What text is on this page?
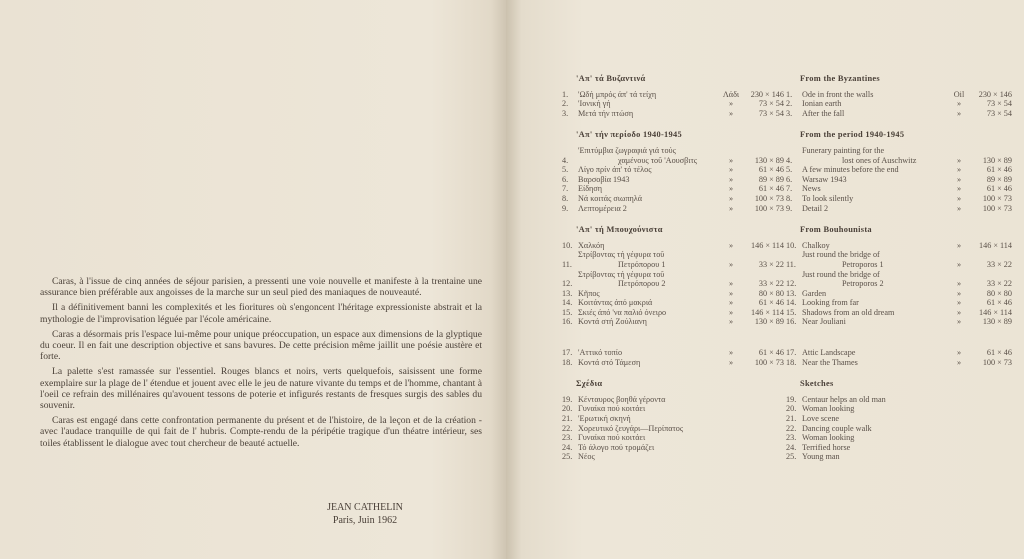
Caras, à l'issue de cinq années de séjour parisien, a pressenti une voie nouvelle et manifeste à la trentaine une assurance bien préférable aux angoisses de la marche sur un seul pied des maniaques de nouveauté.

Il a définitivement banni les complexités et les fioritures où s'engoncent l'héritage expressioniste abstrait et la mythologie de l'improvisation léguée par l'école américaine.

Caras a désormais pris l'espace lui-même pour unique préoccupation, un espace aux dimensions de la glyptique du coeur. Il en fait une description objective et sans bavures. De cette précision même jaillit une poésie austère et forte.

La palette s'est ramassée sur l'essentiel. Rouges blancs et noirs, verts quelquefois, saisissent une forme exemplaire sur la plage de l' étendue et jouent avec elle le jeu de nature vivante du temps et de l'homme, chantant à l'oeil ce refrain des millénaires qu'avouent tessons de poterie et infigurés restants de fresques surgis des sables du souvenir.

Caras est engagé dans cette confrontation permanente du présent et de l'histoire, de la leçon et de la création - avec l'audace tranquille de qui fait de l' hubris. Compte-rendu de la péripétie tragique d'un théatre intérieur, ses toiles établissent le dialogue avec tout chercheur de beauté actuelle.

JEAN CATHELIN
Paris, Juin 1962
'Απ' τά Βυζαντινά
1.	'Ωδή μπρός άπ' τά τείχη	Λάδι	230 × 146
2.	'Ιονική γή	»	73 × 54
3.	Μετά τήν πτώση	»	73 × 54
'Απ' τήν περίοδο 1940-1945
4.
'Επιτύμβια ζωγραφιά γιά τούς
χαμένους τοῦ 'Αουσβιτς	»	130 × 89
5.	Λίγο πρίν άπ' τό τέλος	»	61 × 46
6.	Βαρσοβία 1943	»	89 × 89
7.	Είδηση	»	61 × 46
8.	Νά κοιτάς σιωπηλά	»	100 × 73
9.	Λεπτομέρεια 2	»	100 × 73
'Απ' τή Μπουχούνιστα
10. Χαλκόη	»	146 × 114
11.
Στρίβοντας τή γέφυρα τοῦ
Πετρόπορου 1	»	33 × 22
12.
Στρίβοντας τή γέφυρα τοῦ
Πετρόπορου 2	»	33 × 22
13. Κῆπος	»	80 × 80
14. Κοιτάντας άπό μακριά	»	61 × 46
15. Σκιές άπό 'να παλιό όνειρο	»	146 × 114
16. Κοντά στή Ζούλιανη	»	130 × 89
17. 'Αττικό τοπίο	»	61 × 46
18. Κοντά στό Τάμεση	»	100 × 73
Σχέδια
19. Κένταυρος βοηθά γέροντα
20. Γυναίκα πού κοιτάει
21. 'Ερωτική σκηνή
22. Χορευτικό ζευγάρι—Περίπατος
23. Γυναίκα πού κοιτάει
24. Τό άλογο πού τρομάζει
25. Νέος
From the Byzantines
1.	Ode in front the walls	Oil	230 × 146
2.	Ionian earth	»	73 × 54
3.	After the fall	»	73 × 54
From the period 1940-1945
4.
Funerary painting for the
lost ones of Auschwitz	»	130 × 89
5.	A few minutes before the end	»	61 × 46
6.	Warsaw 1943	»	89 × 89
7.	News	»	61 × 46
8.	To look silently	»	100 × 73
9.	Detail 2	»	100 × 73
From Bouhounista
10. Chalkoy	»	146 × 114
11.
Just round the bridge of
Petroporos 1	»	33 × 22
12.
Just round the bridge of
Petroporos 2	»	33 × 22
13. Garden	»	80 × 80
14. Looking from far	»	61 × 46
15. Shadows from an old dream	»	146 × 114
16. Near Jouliani	»	130 × 89
17. Attic Landscape	»	61 × 46
18. Near the Thames	»	100 × 73
Sketches
19. Centaur helps an old man
20. Woman looking
21. Love scene
22. Dancing couple walk
23. Woman looking
24. Terrified horse
25. Young man
